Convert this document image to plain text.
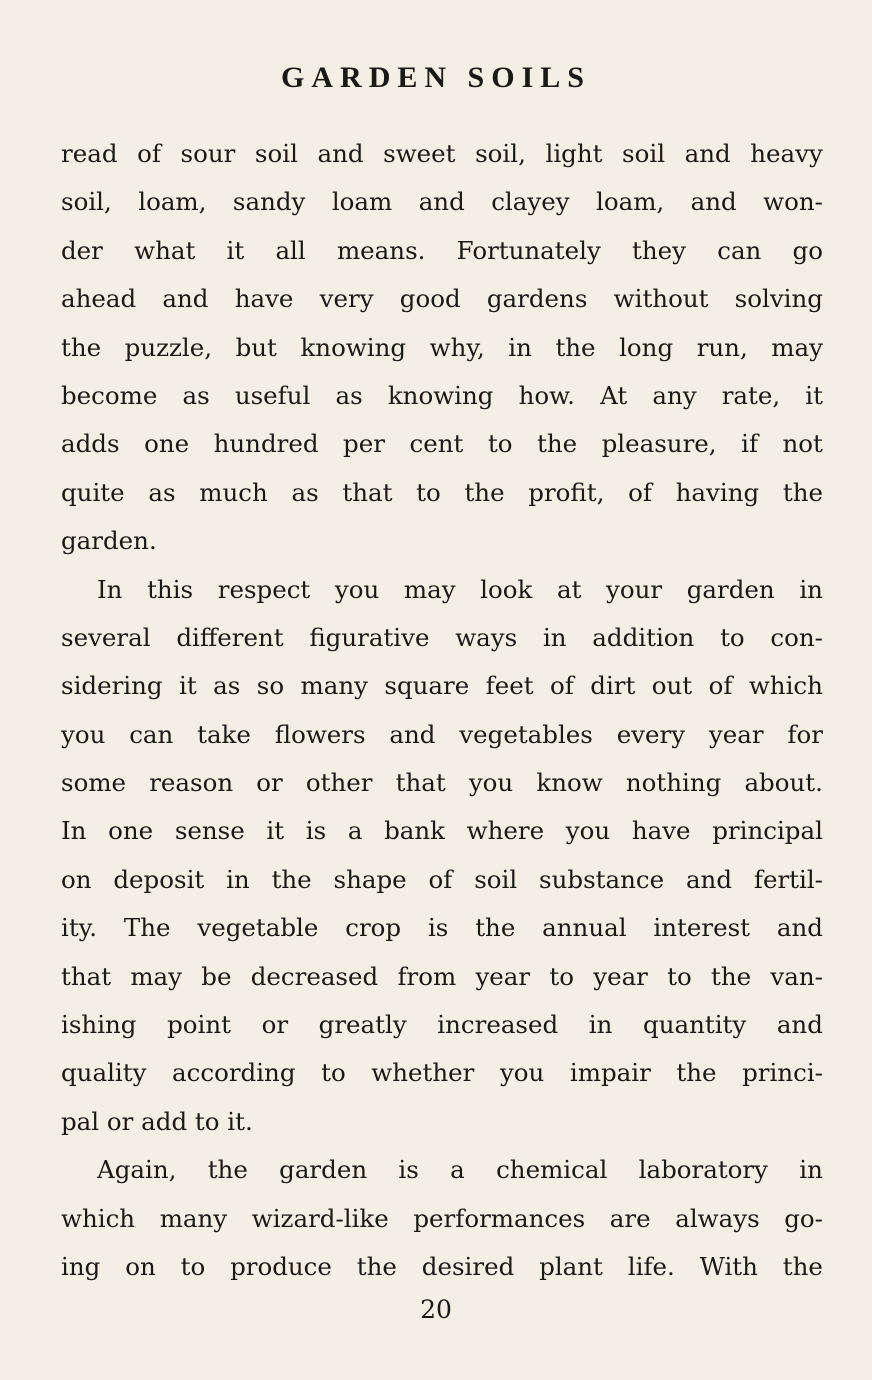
GARDEN SOILS
read of sour soil and sweet soil, light soil and heavy
soil, loam, sandy loam and clayey loam, and won-
der what it all means. Fortunately they can go
ahead and have very good gardens without solving
the puzzle, but knowing why, in the long run, may
become as useful as knowing how. At any rate, it
adds one hundred per cent to the pleasure, if not
quite as much as that to the profit, of having the
garden.
In this respect you may look at your garden in
several different figurative ways in addition to con-
sidering it as so many square feet of dirt out of which
you can take flowers and vegetables every year for
some reason or other that you know nothing about.
In one sense it is a bank where you have principal
on deposit in the shape of soil substance and fertil-
ity. The vegetable crop is the annual interest and
that may be decreased from year to year to the van-
ishing point or greatly increased in quantity and
quality according to whether you impair the princi-
pal or add to it.
Again, the garden is a chemical laboratory in
which many wizard-like performances are always go-
ing on to produce the desired plant life. With the
20
